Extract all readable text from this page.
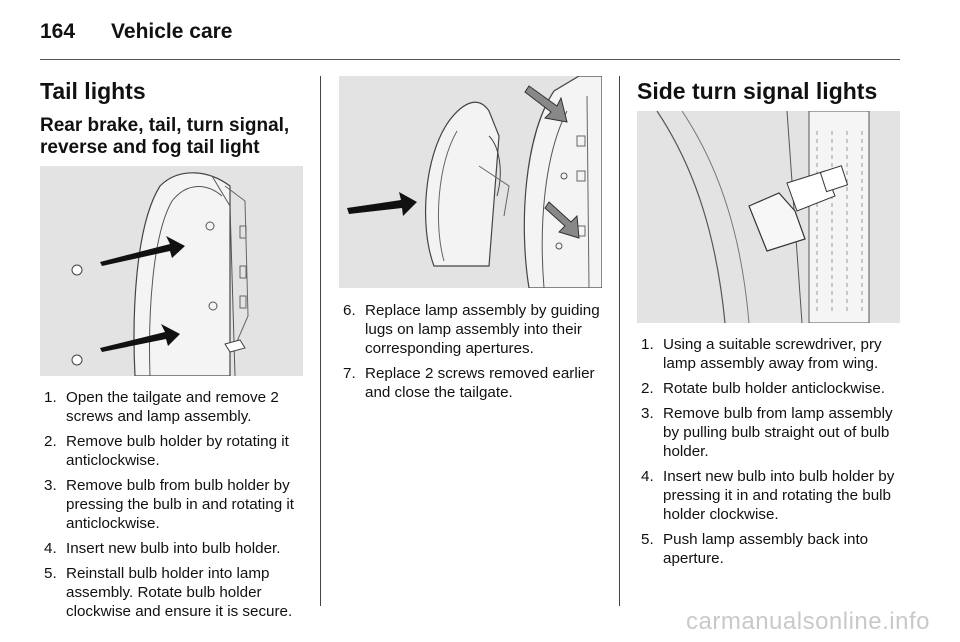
164 Vehicle care
Tail lights
Rear brake, tail, turn signal, reverse and fog tail light
1. Open the tailgate and remove 2 screws and lamp assembly.
2. Remove bulb holder by rotating it anticlockwise.
3. Remove bulb from bulb holder by pressing the bulb in and rotating it anticlockwise.
4. Insert new bulb into bulb holder.
5. Reinstall bulb holder into lamp assembly. Rotate bulb holder clockwise and ensure it is secure.
6. Replace lamp assembly by guiding lugs on lamp assembly into their corresponding apertures.
7. Replace 2 screws removed earlier and close the tailgate.
Side turn signal lights
1. Using a suitable screwdriver, pry lamp assembly away from wing.
2. Rotate bulb holder anticlockwise.
3. Remove bulb from lamp assembly by pulling bulb straight out of bulb holder.
4. Insert new bulb into bulb holder by pressing it in and rotating the bulb holder clockwise.
5. Push lamp assembly back into aperture.
carmanualsonline.info
